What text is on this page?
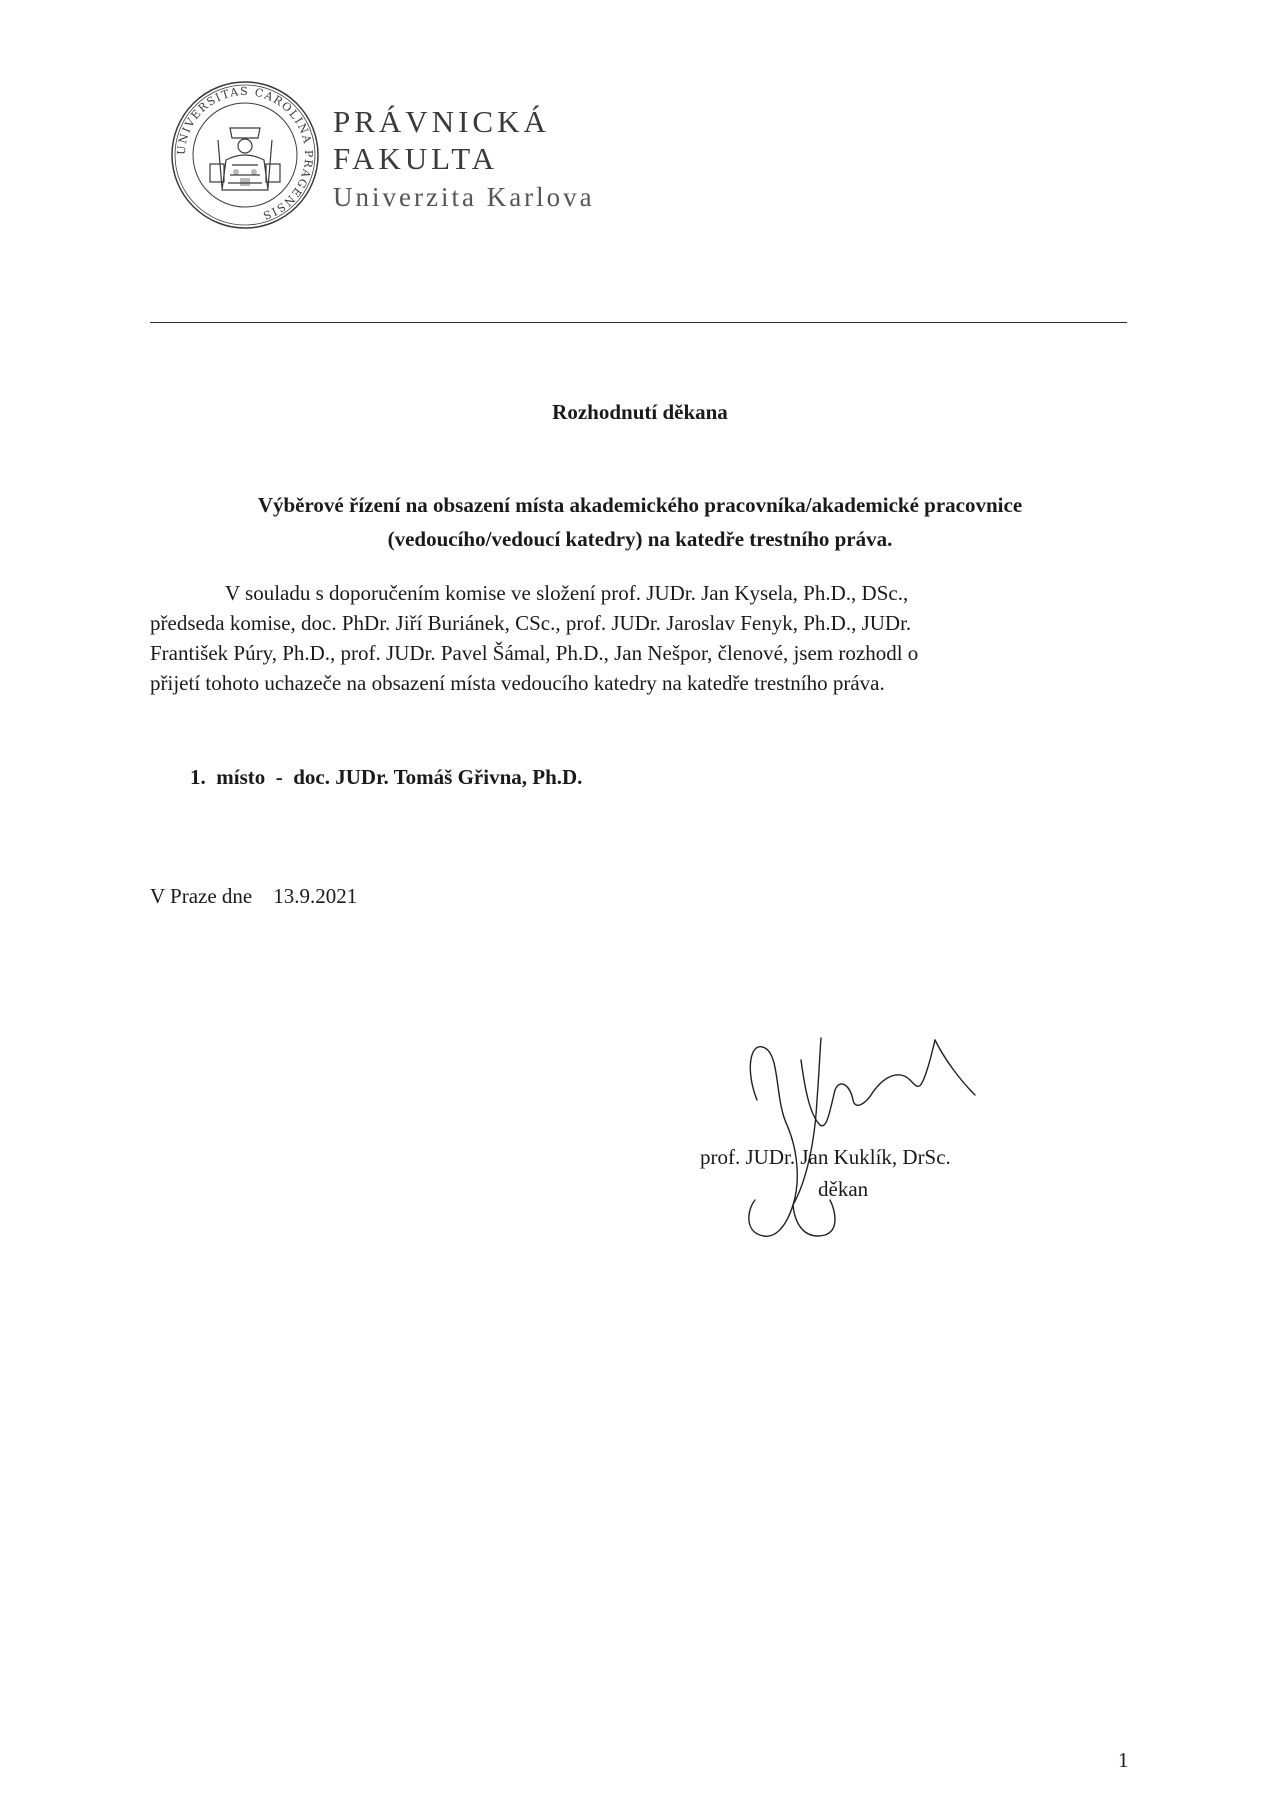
UNIVERSITAS CAROLINA PRAGENSIS
PRÁVNICKÁ
FAKULTA
Univerzita Karlova
Rozhodnutí děkana
Výběrové řízení na obsazení místa akademického pracovníka/akademické pracovnice
(vedoucího/vedoucí katedry) na katedře trestního práva.
V souladu s doporučením komise ve složení prof. JUDr. Jan Kysela, Ph.D., DSc.,
předseda komise, doc. PhDr. Jiří Buriánek, CSc., prof. JUDr. Jaroslav Fenyk, Ph.D., JUDr.
František Púry, Ph.D., prof. JUDr. Pavel Šámal, Ph.D., Jan Nešpor, členové, jsem rozhodl o
přijetí tohoto uchazeče na obsazení místa vedoucího katedry na katedře trestního práva.
1.  místo  -  doc. JUDr. Tomáš Gřivna, Ph.D.
V Praze dne    13.9.2021
prof. JUDr. Jan Kuklík, DrSc.
děkan
1
